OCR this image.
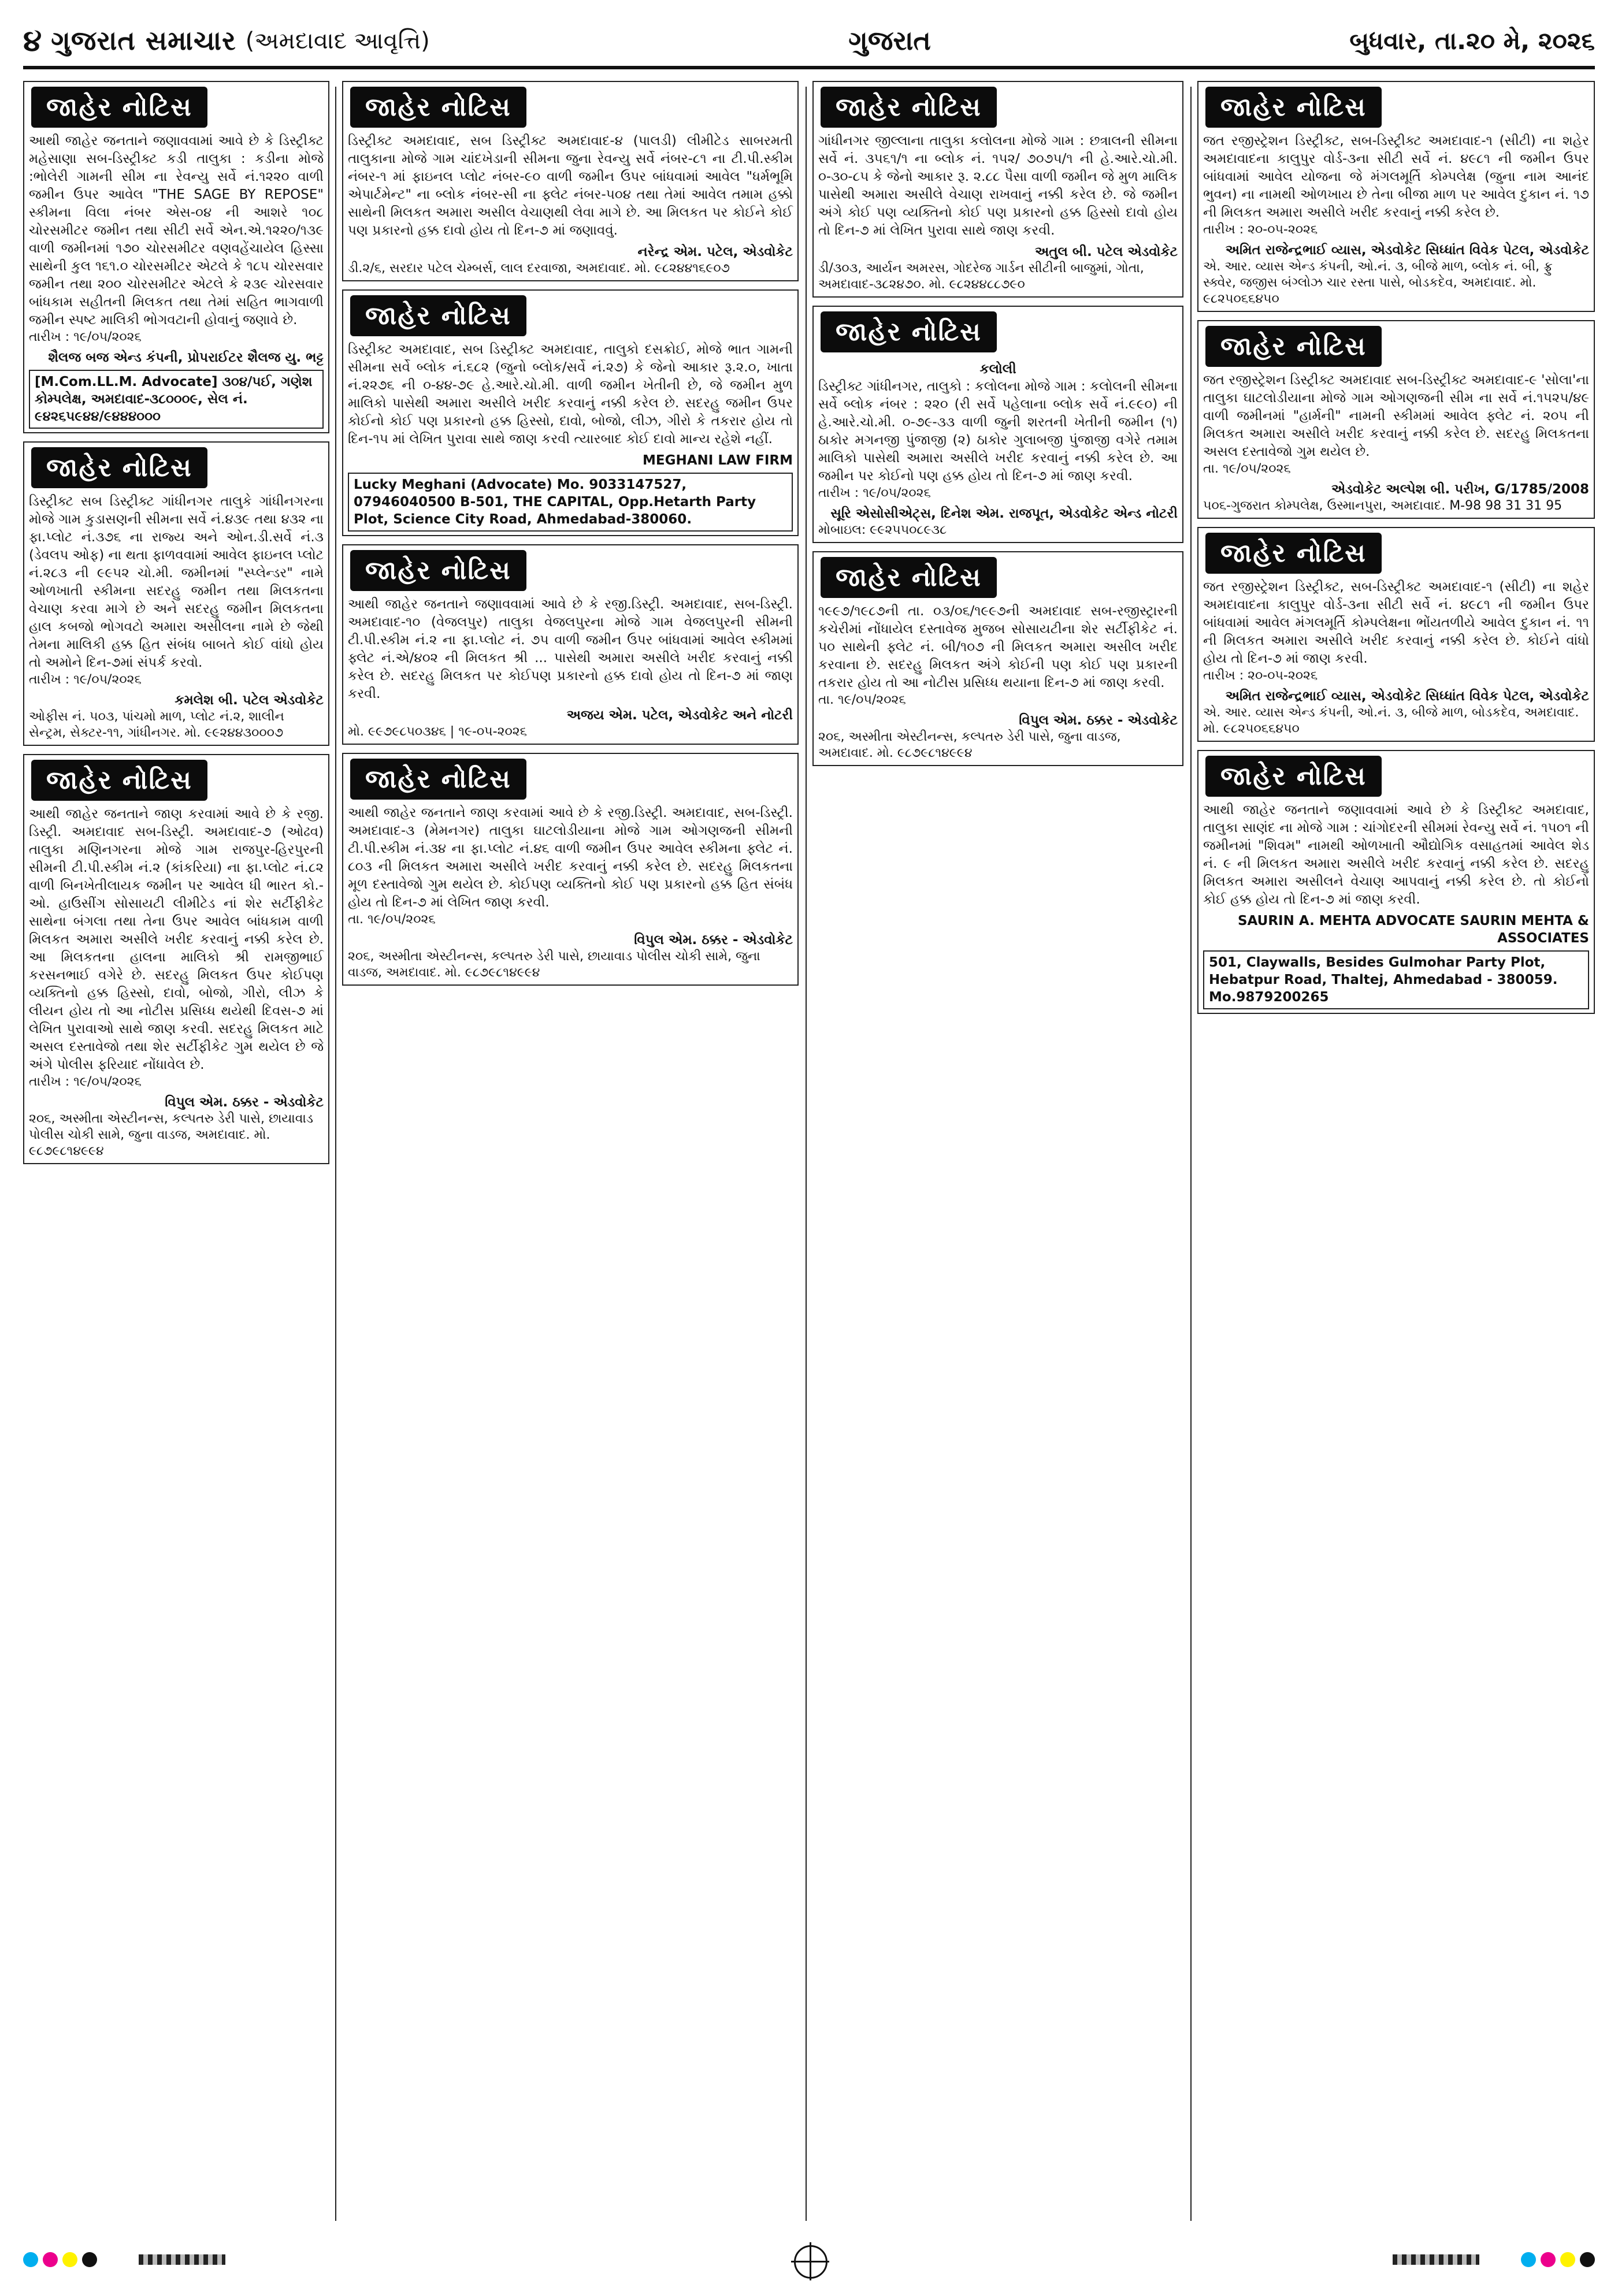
૪ ગુજરાત સમાચાર (અમદાવાદ આવૃત્તિ)	ગુજરાત	બુધવાર, તા.૨૦ મે, ૨૦૨૬
જાહેર નોટિસ
આથી જાહેર જનતાને જણાવવામાં આવે છે કે ડિસ્ટ્રીક્ટ મહેસાણા સબ-ડિસ્ટ્રીક્ટ કડી તાલુકા : કડીના મોજે :ભોલેરી ગામની સીમ ના રેવન્યુ સર્વે નં.૧૨૨૦ વાળી જમીન ઉપર આવેલ "THE SAGE BY REPOSE" સ્કીમના વિલા નંબર એસ-૦૪ ની આશરે ૧૦૮ ચોરસમીટર જમીન તથા સીટી સર્વે એન.એ.૧૨૨૦/૧૩૯ વાળી જમીનમાં ૧૭૦ ચોરસમીટર વણવહેંચાયેલ હિસ્સા સાથેની કુલ ૧૬૧.૦ ચોરસમીટર એટલે કે ૧૮૫ ચોરસવાર જમીન તથા ૨૦૦ ચોરસમીટર એટલે કે ૨૩૯ ચોરસવાર બાંધકામ સહીતની મિલકત તથા તેમાં સહિત ભાગવાળી જમીન સ્પષ્ટ માલિકી ભોગવટાની હોવાનું જણાવે છે.
તારીખ : ૧૯/૦૫/૨૦૨૬
શૈલજ બજ એન્ડ કંપની, પ્રોપરાઈટર શૈલજ યુ. ભટ્ટ
[M.Com.LL.M. Advocate] ૩૦૪/૫ઈ, ગણેશ કોમ્પલેક્ષ, અમદાવાદ-૩૮૦૦૦૯, સેલ નં. ૯૪૨૬૫૯૪૪/૯૪૪૪૦૦૦
જાહેર નોટિસ
ડિસ્ટ્રીક્ટ સબ ડિસ્ટ્રીક્ટ ગાંધીનગર તાલુકે ગાંધીનગરના મોજે ગામ કુડાસણની સીમના સર્વે નં.૪૩૯ તથા ૪૩૨ ના ફા.પ્લોટ નં.૩૭૬ ના રાજ્ય અને ઓન.ડી.સર્વે નં.૩ (ડેવલપ ઓફ) ના થતા ફાળવવામાં આવેલ ફાઇનલ પ્લોટ નં.૨૮૩ ની ૯૯૫૨ ચો.મી. જમીનમાં "સ્પ્લેન્ડર" નામે ઓળખાતી સ્કીમના સદરહુ જમીન તથા મિલકતના વેચાણ કરવા માગે છે અને સદરહુ જમીન મિલકતના હાલ કબજો ભોગવટો અમારા અસીલના નામે છે જેથી તેમના માલિકી હક્ક હિત સંબંધ બાબતે કોઈ વાંધો હોય તો અમોને દિન-૭માં સંપર્ક કરવો.
તારીખ : ૧૯/૦૫/૨૦૨૬
કમલેશ બી. પટેલ એડવોકેટ
ઓફીસ નં. ૫૦૩, પાંચમો માળ, પ્લોટ નં.૨, શાલીન સેન્ટ્રમ, સેક્ટર-૧૧, ગાંધીનગર. મો. ૯૯૨૪૪૩૦૦૦૭
જાહેર નોટિસ
આથી જાહેર જનતાને જાણ કરવામાં આવે છે કે રજી. ડિસ્ટ્રી. અમદાવાદ સબ-ડિસ્ટ્રી. અમદાવાદ-૭ (ઓઢવ) તાલુકા મણિનગરના મોજે ગામ રાજપુર-હિરપુરની સીમની ટી.પી.સ્કીમ નં.૨ (કાંકરિયા) ના ફા.પ્લોટ નં.૮૨ વાળી બિનખેતીલાયક જમીન પર આવેલ ધી ભારત કો.-ઓ. હાઉસીંગ સોસાયટી લીમીટેડ નાં શેર સર્ટીફીકેટ સાથેના બંગલા તથા તેના ઉપર આવેલ બાંધકામ વાળી મિલકત અમારા અસીલે ખરીદ કરવાનું નક્કી કરેલ છે. આ મિલકતના હાલના માલિકો શ્રી રામજીભાઈ કરસનભાઈ વગેરે છે. સદરહુ મિલકત ઉપર કોઈપણ વ્યક્તિનો હક્ક હિસ્સો, દાવો, બોજો, ગીરો, લીઝ કે લીયન હોય તો આ નોટીસ પ્રસિધ્ધ થયેથી દિવસ-૭ માં લેખિત પુરાવાઓ સાથે જાણ કરવી. સદરહુ મિલકત માટે અસલ દસ્તાવેજો તથા શેર સર્ટીફીકેટ ગુમ થયેલ છે જે અંગે પોલીસ ફરિયાદ નોંધાવેલ છે.
તારીખ : ૧૯/૦૫/૨૦૨૬
વિપુલ એમ. ઠક્કર - એડવોકેટ
૨૦૬, અસ્મીતા એસ્ટીનન્સ, કલ્પતરુ ડેરી પાસે, છાયાવાડ પોલીસ ચોકી સામે, જુના વાડજ, અમદાવાદ. મો. ૯૮૭૯૮૧૪૯૯૪
જાહેર નોટિસ
ડિસ્ટ્રીક્ટ અમદાવાદ, સબ ડિસ્ટ્રીક્ટ અમદાવાદ-૪ (પાલડી) લીમીટેડ સાબરમતી તાલુકાના મોજે ગામ ચાંદખેડાની સીમના જુના રેવન્યુ સર્વે નંબર-૮૧ ના ટી.પી.સ્કીમ નંબર-૧ માં ફાઇનલ પ્લોટ નંબર-૯૦ વાળી જમીન ઉપર બાંધવામાં આવેલ "ધર્મભૂમિ એપાર્ટમેન્ટ" ના બ્લોક નંબર-સી ના ફ્લેટ નંબર-૫૦૪ તથા તેમાં આવેલ તમામ હક્કો સાથેની મિલકત અમારા અસીલ વેચાણથી લેવા માગે છે. આ મિલકત પર કોઈને કોઈ પણ પ્રકારનો હક્ક દાવો હોય તો દિન-૭ માં જણાવવું.
નરેન્દ્ર એમ. પટેલ, એડવોકેટ
ડી.૨/૬, સરદાર પટેલ ચેમ્બર્સ, લાલ દરવાજા, અમદાવાદ. મો. ૯૮૨૪૪૧૬૯૦૭
જાહેર નોટિસ
ડિસ્ટ્રીક્ટ અમદાવાદ, સબ ડિસ્ટ્રીક્ટ અમદાવાદ, તાલુકો દસક્રોઈ, મોજે ભાત ગામની સીમના સર્વે બ્લોક નં.૬૮૨ (જુનો બ્લોક/સર્વે નં.૨૭) કે જેનો આકાર રૂ.૨.૦, ખાતા નં.૨૨૭૬ ની ૦-૪૪-૭૯ હે.આરે.ચો.મી. વાળી જમીન ખેતીની છે, જે જમીન મુળ માલિકો પાસેથી અમારા અસીલે ખરીદ કરવાનું નક્કી કરેલ છે. સદરહુ જમીન ઉપર કોઈનો કોઈ પણ પ્રકારનો હક્ક હિસ્સો, દાવો, બોજો, લીઝ, ગીરો કે તકરાર હોય તો દિન-૧૫ માં લેખિત પુરાવા સાથે જાણ કરવી ત્યારબાદ કોઈ દાવો માન્ય રહેશે નહીં.
MEGHANI LAW FIRM
Lucky Meghani (Advocate) Mo. 9033147527, 07946040500 B-501, THE CAPITAL, Opp.Hetarth Party Plot, Science City Road, Ahmedabad-380060.
જાહેર નોટિસ
આથી જાહેર જનતાને જણાવવામાં આવે છે કે રજી.ડિસ્ટ્રી. અમદાવાદ, સબ-ડિસ્ટ્રી. અમદાવાદ-૧૦ (વેજલપુર) તાલુકા વેજલપુરના મોજે ગામ વેજલપુરની સીમની ટી.પી.સ્કીમ નં.૨ ના ફા.પ્લોટ નં. ૭૫ વાળી જમીન ઉપર બાંધવામાં આવેલ સ્કીમમાં ફ્લેટ નં.એ/૪૦૨ ની મિલકત શ્રી ... પાસેથી અમારા અસીલે ખરીદ કરવાનું નક્કી કરેલ છે. સદરહુ મિલકત પર કોઈપણ પ્રકારનો હક્ક દાવો હોય તો દિન-૭ માં જાણ કરવી.
અજય એમ. પટેલ, એડવોકેટ અને નોટરી
મો. ૯૯૭૯૮૫૦૩૪૬ | ૧૯-૦૫-૨૦૨૬
જાહેર નોટિસ
આથી જાહેર જનતાને જાણ કરવામાં આવે છે કે રજી.ડિસ્ટ્રી. અમદાવાદ, સબ-ડિસ્ટ્રી. અમદાવાદ-૩ (મેમનગર) તાલુકા ઘાટલોડીયાના મોજે ગામ ઓગણજની સીમની ટી.પી.સ્કીમ નં.૩૪ ના ફા.પ્લોટ નં.૪૬ વાળી જમીન ઉપર આવેલ સ્કીમના ફ્લેટ નં. ૮૦૩ ની મિલકત અમારા અસીલે ખરીદ કરવાનું નક્કી કરેલ છે. સદરહુ મિલકતના મૂળ દસ્તાવેજો ગુમ થયેલ છે. કોઈપણ વ્યક્તિનો કોઈ પણ પ્રકારનો હક્ક હિત સંબંધ હોય તો દિન-૭ માં લેખિત જાણ કરવી.
તા. ૧૯/૦૫/૨૦૨૬
વિપુલ એમ. ઠક્કર - એડવોકેટ
૨૦૬, અસ્મીતા એસ્ટીનન્સ, કલ્પતરુ ડેરી પાસે, છાયાવાડ પોલીસ ચોકી સામે, જુના વાડજ, અમદાવાદ. મો. ૯૮૭૯૮૧૪૯૯૪
જાહેર નોટિસ
ગાંધીનગર જીલ્લાના તાલુકા કલોલના મોજે ગામ : છત્રાલની સીમના સર્વે નં. ૩૫૬૧/૧ ના બ્લોક નં. ૧૫૨/ ૭૦૭૫/૧ ની હે.આરે.ચો.મી. ૦-૩૦-૮૫ કે જેનો આકાર રૂ. ૨.૮૮ પૈસા વાળી જમીન જે મુળ માલિક પાસેથી અમારા અસીલે વેચાણ રાખવાનું નક્કી કરેલ છે. જે જમીન અંગે કોઈ પણ વ્યક્તિનો કોઈ પણ પ્રકારનો હક્ક હિસ્સો દાવો હોય તો દિન-૭ માં લેખિત પુરાવા સાથે જાણ કરવી.
અતુલ બી. પટેલ એડવોકેટ
ડી/૩૦૩, આર્યન અમરસ, ગોદરેજ ગાર્ડન સીટીની બાજુમાં, ગોતા, અમદાવાદ-૩૮૨૪૭૦. મો. ૯૮૨૪૪૮૮૭૯૦
જાહેર નોટિસ
કલોલી
ડિસ્ટ્રીક્ટ ગાંધીનગર, તાલુકો : કલોલના મોજે ગામ : કલોલની સીમના સર્વે બ્લોક નંબર : ૨૨૦ (રી સર્વે પહેલાના બ્લોક સર્વે નં.૯૯૦) ની હે.આરે.ચો.મી. ૦-૭૯-૩૩ વાળી જુની શરતની ખેતીની જમીન (૧) ઠાકોર મગનજી પુંજાજી (૨) ઠાકોર ગુલાબજી પુંજાજી વગેરે તમામ માલિકો પાસેથી અમારા અસીલે ખરીદ કરવાનું નક્કી કરેલ છે. આ જમીન પર કોઈનો પણ હક્ક હોય તો દિન-૭ માં જાણ કરવી.
તારીખ : ૧૯/૦૫/૨૦૨૬
સૂરિ એસોસીએટ્સ, દિનેશ એમ. રાજપૂત, એડવોકેટ એન્ડ નોટરી
મોબાઇલ: ૯૯૨૫૫૦૮૯૩૮
જાહેર નોટિસ
૧૯૯૭/૧૯૮૭ની તા. ૦૩/૦૬/૧૯૯૭ની અમદાવાદ સબ-રજીસ્ટ્રારની કચેરીમાં નોંધાયેલ દસ્તાવેજ મુજબ સોસાયટીના શેર સર્ટીફીકેટ નં. ૫૦ સાથેની ફ્લેટ નં. બી/૧૦૭ ની મિલકત અમારા અસીલ ખરીદ કરવાના છે. સદરહુ મિલકત અંગે કોઈની પણ કોઈ પણ પ્રકારની તકરાર હોય તો આ નોટીસ પ્રસિધ્ધ થયાના દિન-૭ માં જાણ કરવી.
તા. ૧૯/૦૫/૨૦૨૬
વિપુલ એમ. ઠક્કર - એડવોકેટ
૨૦૬, અસ્મીતા એસ્ટીનન્સ, કલ્પતરુ ડેરી પાસે, જુના વાડજ, અમદાવાદ. મો. ૯૮૭૯૮૧૪૯૯૪
જાહેર નોટિસ
જત રજીસ્ટ્રેશન ડિસ્ટ્રીક્ટ, સબ-ડિસ્ટ્રીક્ટ અમદાવાદ-૧ (સીટી) ના શહેર અમદાવાદના કાલુપુર વોર્ડ-૩ના સીટી સર્વે નં. ૪૯૮૧ ની જમીન ઉપર બાંધવામાં આવેલ યોજના જે મંગલમૂર્તિ કોમ્પલેક્ષ (જુના નામ આનંદ ભુવન) ના નામથી ઓળખાય છે તેના બીજા માળ પર આવેલ દુકાન નં. ૧૭ ની મિલકત અમારા અસીલે ખરીદ કરવાનું નક્કી કરેલ છે.
તારીખ : ૨૦-૦૫-૨૦૨૬
અમિત રાજેન્દ્રભાઈ વ્યાસ, એડવોકેટ સિધ્ધાંત વિવેક પેટલ, એડવોકેટ
એ. આર. વ્યાસ એન્ડ કંપની, ઓ.નં. ૩, બીજે માળ, બ્લોક નં. બી, ફ્રુ સ્ક્વેર, જજીસ બંગ્લોઝ ચાર રસ્તા પાસે, બોડકદેવ, અમદાવાદ. મો. ૯૮૨૫૦૬૬૪૫૦
જાહેર નોટિસ
જત રજીસ્ટ્રેશન ડિસ્ટ્રીક્ટ અમદાવાદ સબ-ડિસ્ટ્રીક્ટ અમદાવાદ-૯ 'સોલા'ના તાલુકા ઘાટલોડીયાના મોજે ગામ ઓગણજની સીમ ના સર્વે નં.૧૫૨૫/૪૯ વાળી જમીનમાં "હાર્મની" નામની સ્કીમમાં આવેલ ફ્લેટ નં. ૨૦૫ ની મિલકત અમારા અસીલે ખરીદ કરવાનું નક્કી કરેલ છે. સદરહુ મિલકતના અસલ દસ્તાવેજો ગુમ થયેલ છે.
તા. ૧૯/૦૫/૨૦૨૬
એડવોકેટ અલ્પેશ બી. પરીખ, G/1785/2008
૫૦૬-ગુજરાત કોમ્પલેક્ષ, ઉસ્માનપુરા, અમદાવાદ. M-98 98 31 31 95
જાહેર નોટિસ
જત રજીસ્ટ્રેશન ડિસ્ટ્રીક્ટ, સબ-ડિસ્ટ્રીક્ટ અમદાવાદ-૧ (સીટી) ના શહેર અમદાવાદના કાલુપુર વોર્ડ-૩ના સીટી સર્વે નં. ૪૯૮૧ ની જમીન ઉપર બાંધવામાં આવેલ મંગલમૂર્તિ કોમ્પલેક્ષના ભોંયતળીયે આવેલ દુકાન નં. ૧૧ ની મિલકત અમારા અસીલે ખરીદ કરવાનું નક્કી કરેલ છે. કોઈને વાંધો હોય તો દિન-૭ માં જાણ કરવી.
તારીખ : ૨૦-૦૫-૨૦૨૬
અમિત રાજેન્દ્રભાઈ વ્યાસ, એડવોકેટ સિધ્ધાંત વિવેક પેટલ, એડવોકેટ
એ. આર. વ્યાસ એન્ડ કંપની, ઓ.નં. ૩, બીજે માળ, બોડકદેવ, અમદાવાદ. મો. ૯૮૨૫૦૬૬૪૫૦
જાહેર નોટિસ
આથી જાહેર જનતાને જણાવવામાં આવે છે કે ડિસ્ટ્રીક્ટ અમદાવાદ, તાલુકા સાણંદ ના મોજે ગામ : ચાંગોદરની સીમમાં રેવન્યુ સર્વે નં. ૧૫૦૧ ની જમીનમાં "શિવમ" નામથી ઓળખાતી ઔદ્યોગિક વસાહતમાં આવેલ શેડ નં. ૯ ની મિલકત અમારા અસીલે ખરીદ કરવાનું નક્કી કરેલ છે. સદરહુ મિલકત અમારા અસીલને વેચાણ આપવાનું નક્કી કરેલ છે. તો કોઈનો કોઈ હક્ક હોય તો દિન-૭ માં જાણ કરવી.
SAURIN A. MEHTA ADVOCATE SAURIN MEHTA & ASSOCIATES
501, Claywalls, Besides Gulmohar Party Plot, Hebatpur Road, Thaltej, Ahmedabad - 380059. Mo.9879200265
